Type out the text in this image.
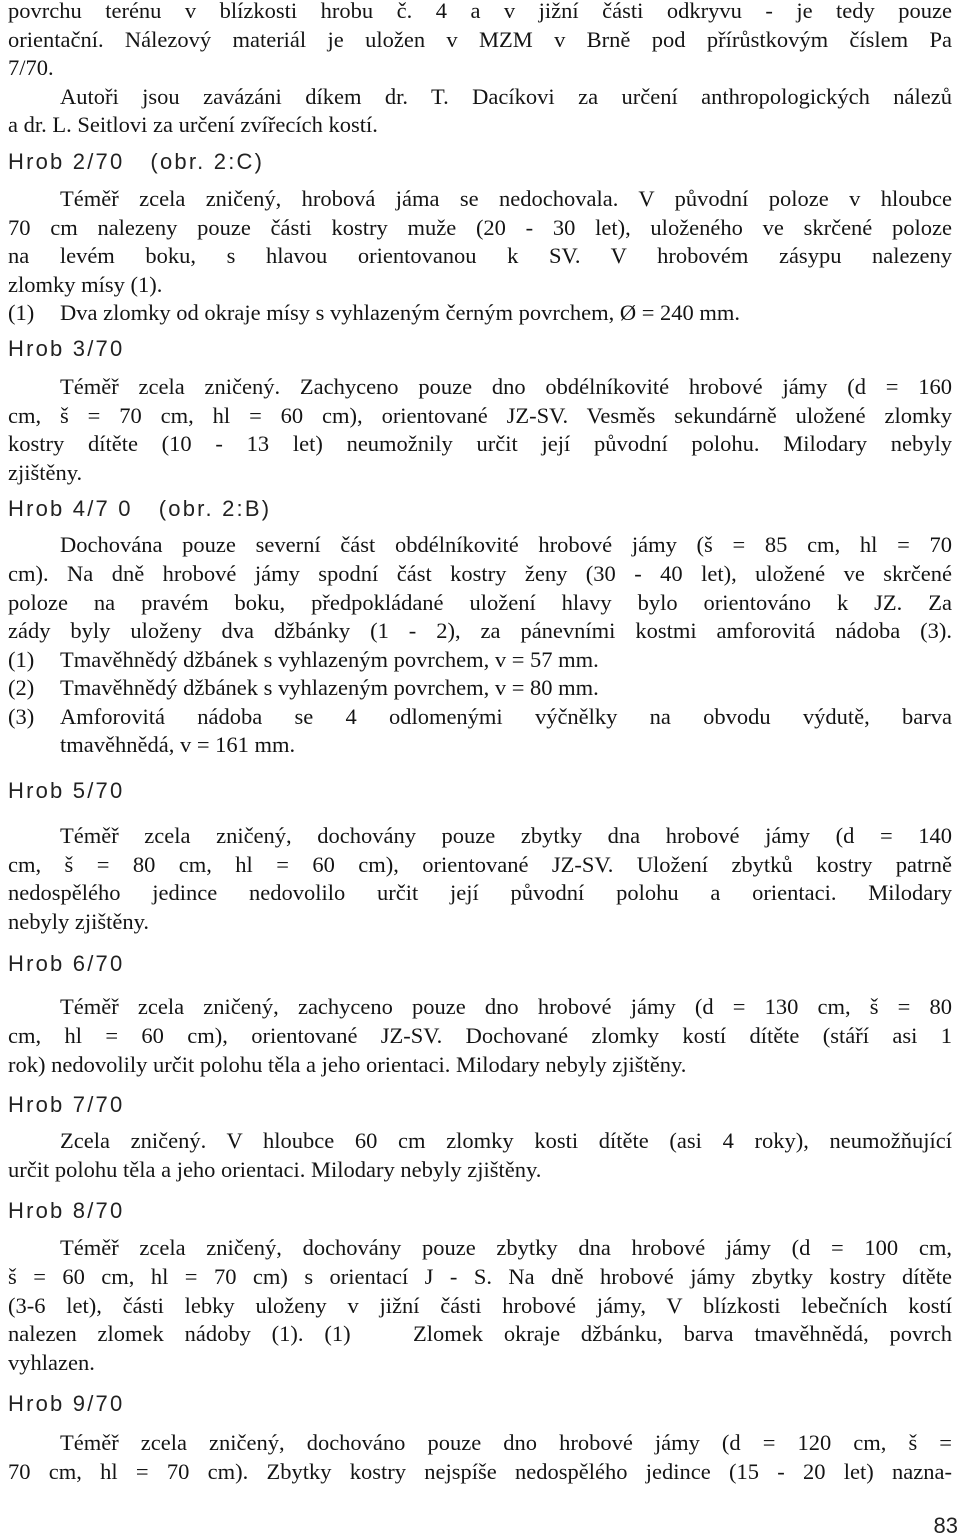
povrchu terénu v blízkosti hrobu č. 4 a v jižní části odkryvu - je tedy pouze
orientační. Nálezový materiál je uložen v MZM v Brně pod přírůstkovým číslem Pa
7/70.
Autoři jsou zavázáni díkem dr. T. Dacíkovi za určení anthropologických nálezů
a dr. L. Seitlovi za určení zvířecích kostí.
Hrob 2/70 (obr. 2:C)
Téměř zcela zničený, hrobová jáma se nedochovala. V původní poloze v hloubce
70 cm nalezeny pouze části kostry muže (20 - 30 let), uloženého ve skrčené poloze
na levém boku, s hlavou orientovanou k SV. V hrobovém zásypu nalezeny
zlomky mísy (1).
(1)	Dva zlomky od okraje mísy s vyhlazeným černým povrchem, Ø = 240 mm.
Hrob 3/70
Téměř zcela zničený. Zachyceno pouze dno obdélníkovité hrobové jámy (d = 160
cm, š = 70 cm, hl = 60 cm), orientované JZ-SV. Vesměs sekundárně uložené zlomky
kostry dítěte (10 - 13 let) neumožnily určit její původní polohu. Milodary nebyly
zjištěny.
Hrob 4/7 0 (obr. 2:B)
Dochována pouze severní část obdélníkovité hrobové jámy (š = 85 cm, hl = 70
cm). Na dně hrobové jámy spodní část kostry ženy (30 - 40 let), uložené ve skrčené
poloze na pravém boku, předpokládané uložení hlavy bylo orientováno k JZ. Za
zády byly uloženy dva džbánky (1 - 2), za pánevními kostmi amforovitá nádoba (3).
(1)	Tmavěhnědý džbánek s vyhlazeným povrchem, v = 57 mm.
(2)	Tmavěhnědý džbánek s vyhlazeným povrchem, v = 80 mm.
(3)	Amforovitá nádoba se 4 odlomenými výčnělky na obvodu výdutě, barva
tmavěhnědá, v = 161 mm.
Hrob 5/70
Téměř zcela zničený, dochovány pouze zbytky dna hrobové jámy (d = 140
cm, š = 80 cm, hl = 60 cm), orientované JZ-SV. Uložení zbytků kostry patrně
nedospělého jedince nedovolilo určit její původní polohu a orientaci. Milodary
nebyly zjištěny.
Hrob 6/70
Téměř zcela zničený, zachyceno pouze dno hrobové jámy (d = 130 cm, š = 80
cm, hl = 60 cm), orientované JZ-SV. Dochované zlomky kostí dítěte (stáří asi 1
rok) nedovolily určit polohu těla a jeho orientaci. Milodary nebyly zjištěny.
Hrob 7/70
Zcela zničený. V hloubce 60 cm zlomky kosti dítěte (asi 4 roky), neumožňující
určit polohu těla a jeho orientaci. Milodary nebyly zjištěny.
Hrob 8/70
Téměř zcela zničený, dochovány pouze zbytky dna hrobové jámy (d = 100 cm,
š = 60 cm, hl = 70 cm) s orientací J - S. Na dně hrobové jámy zbytky kostry dítěte
(3-6 let), části lebky uloženy v jižní části hrobové jámy, V blízkosti lebečních kostí
nalezen zlomek nádoby (1). (1)   Zlomek okraje džbánku, barva tmavěhnědá, povrch
vyhlazen.
Hrob 9/70
Téměř zcela zničený, dochováno pouze dno hrobové jámy (d = 120 cm, š =
70 cm, hl = 70 cm). Zbytky kostry nejspíše nedospělého jedince (15 - 20 let) nazna-
83
